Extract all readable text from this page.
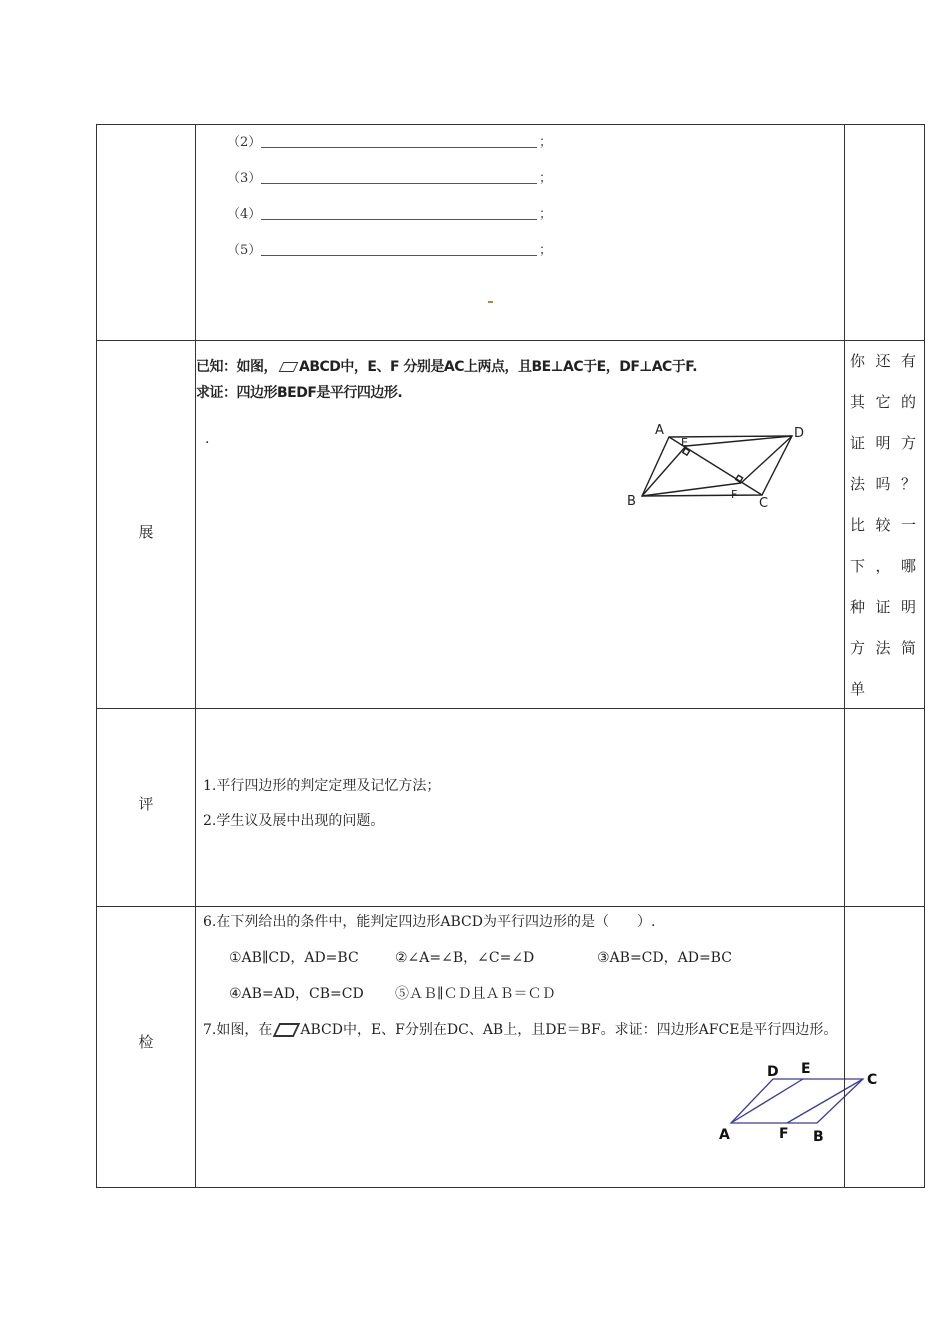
（2）	；
（3）	；
（4）	；
（5）	；
展
已知：如图， ABCD中，E、F 分别是AC上两点，且BE⊥AC于E，DF⊥AC于F.
求证：四边形BEDF是平行四边形.
.
A	D
E
B	F
C
你还有
其它的
证明方
法吗？
比较一
下，哪
种证明
方法简
单
评
1.平行四边形的判定定理及记忆方法；
2.学生议及展中出现的问题。
检
6.在下列给出的条件中，能判定四边形ABCD为平行四边形的是（　　）.
①AB∥CD，AD=BC	②∠A=∠B，∠C=∠D	③AB=CD，AD=BC
④AB=AD，CB=CD ⑤ＡＢ∥ＣＤ且ＡＢ＝ＣＤ
7.如图，在 ABCD中，E、F分别在DC、AB上，且DE＝BF。求证：四边形AFCE是平行四边形。
D E
C
A	F B
